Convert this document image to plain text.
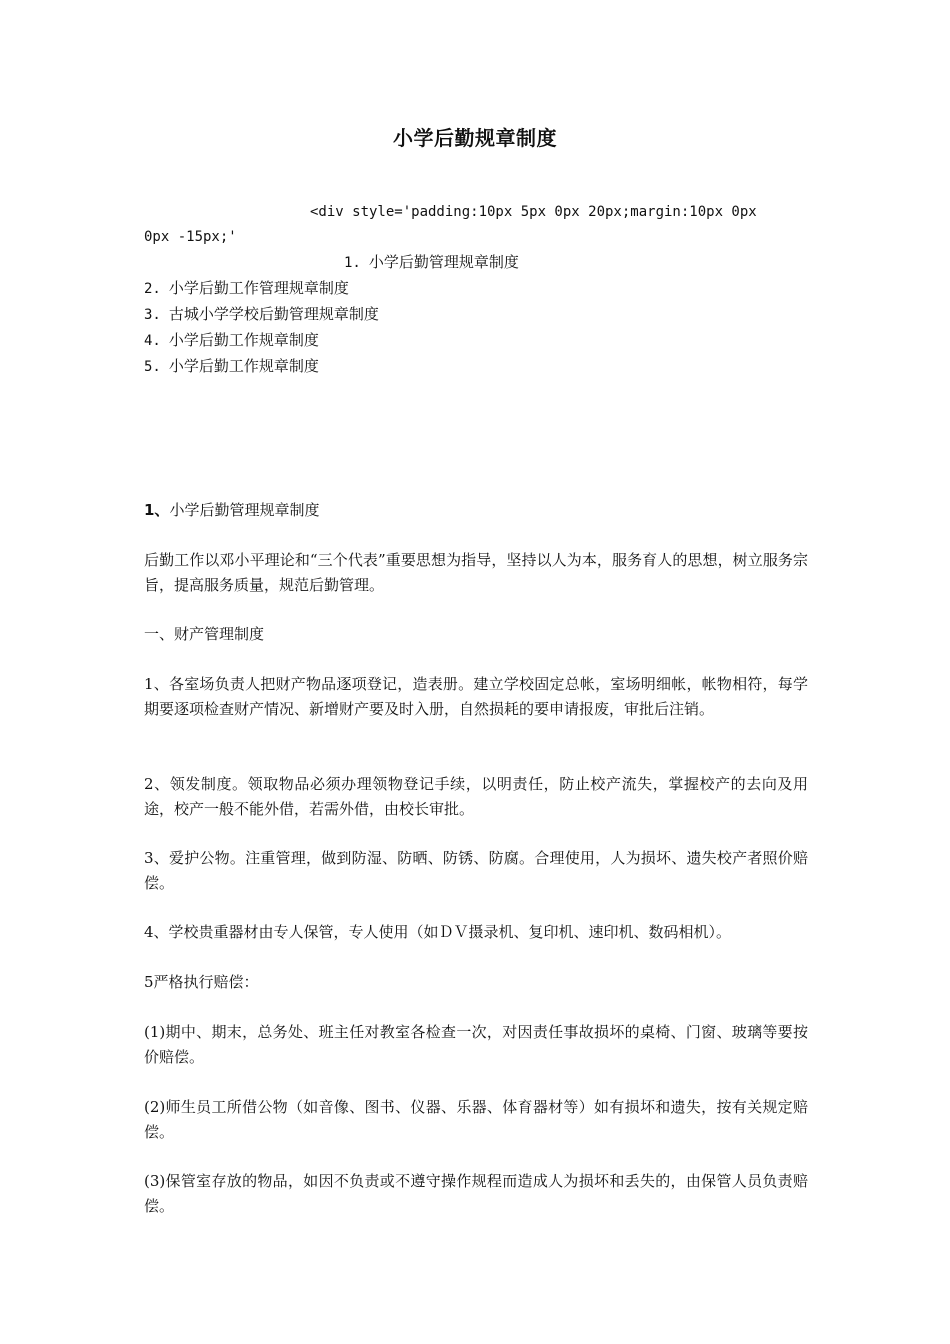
小学后勤规章制度
<div style='padding:10px 5px 0px 20px;margin:10px 0px
0px -15px;'
1. 小学后勤管理规章制度
2. 小学后勤工作管理规章制度
3. 古城小学学校后勤管理规章制度
4. 小学后勤工作规章制度
5. 小学后勤工作规章制度
1、小学后勤管理规章制度
后勤工作以邓小平理论和“三个代表”重要思想为指导，坚持以人为本，服务育人的思想，树立服务宗旨，提高服务质量，规范后勤管理。
一、财产管理制度
1、各室场负责人把财产物品逐项登记，造表册。建立学校固定总帐，室场明细帐，帐物相符，每学期要逐项检查财产情况、新增财产要及时入册，自然损耗的要申请报废，审批后注销。
2、领发制度。领取物品必须办理领物登记手续，以明责任，防止校产流失，掌握校产的去向及用途，校产一般不能外借，若需外借，由校长审批。
3、爱护公物。注重管理，做到防湿、防晒、防锈、防腐。合理使用，人为损坏、遗失校产者照价赔偿。
4、学校贵重器材由专人保管，专人使用（如ＤＶ摄录机、复印机、速印机、数码相机）。
5严格执行赔偿：
(1)期中、期末，总务处、班主任对教室各检查一次，对因责任事故损坏的桌椅、门窗、玻璃等要按价赔偿。
(2)师生员工所借公物（如音像、图书、仪器、乐器、体育器材等）如有损坏和遗失，按有关规定赔偿。
(3)保管室存放的物品，如因不负责或不遵守操作规程而造成人为损坏和丢失的，由保管人员负责赔偿。
